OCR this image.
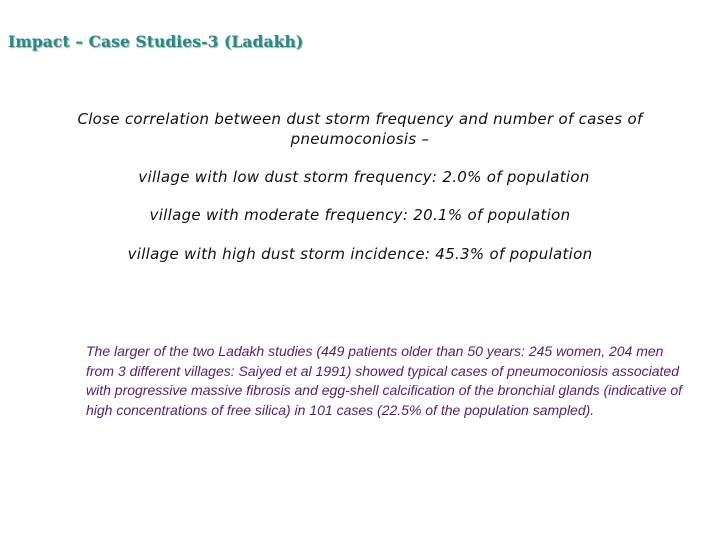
Impact – Case Studies-3 (Ladakh)
Close correlation between dust storm frequency and number of cases of
pneumoconiosis –
village with low dust storm frequency: 2.0% of population
village with moderate frequency: 20.1% of population
village with high dust storm incidence: 45.3% of population
The larger of the two Ladakh studies (449 patients older than 50 years: 245 women, 204 men from 3 different villages: Saiyed et al 1991) showed typical cases of pneumoconiosis associated with progressive massive fibrosis and egg-shell calcification of the bronchial glands (indicative of high concentrations of free silica) in 101 cases (22.5% of the population sampled).
